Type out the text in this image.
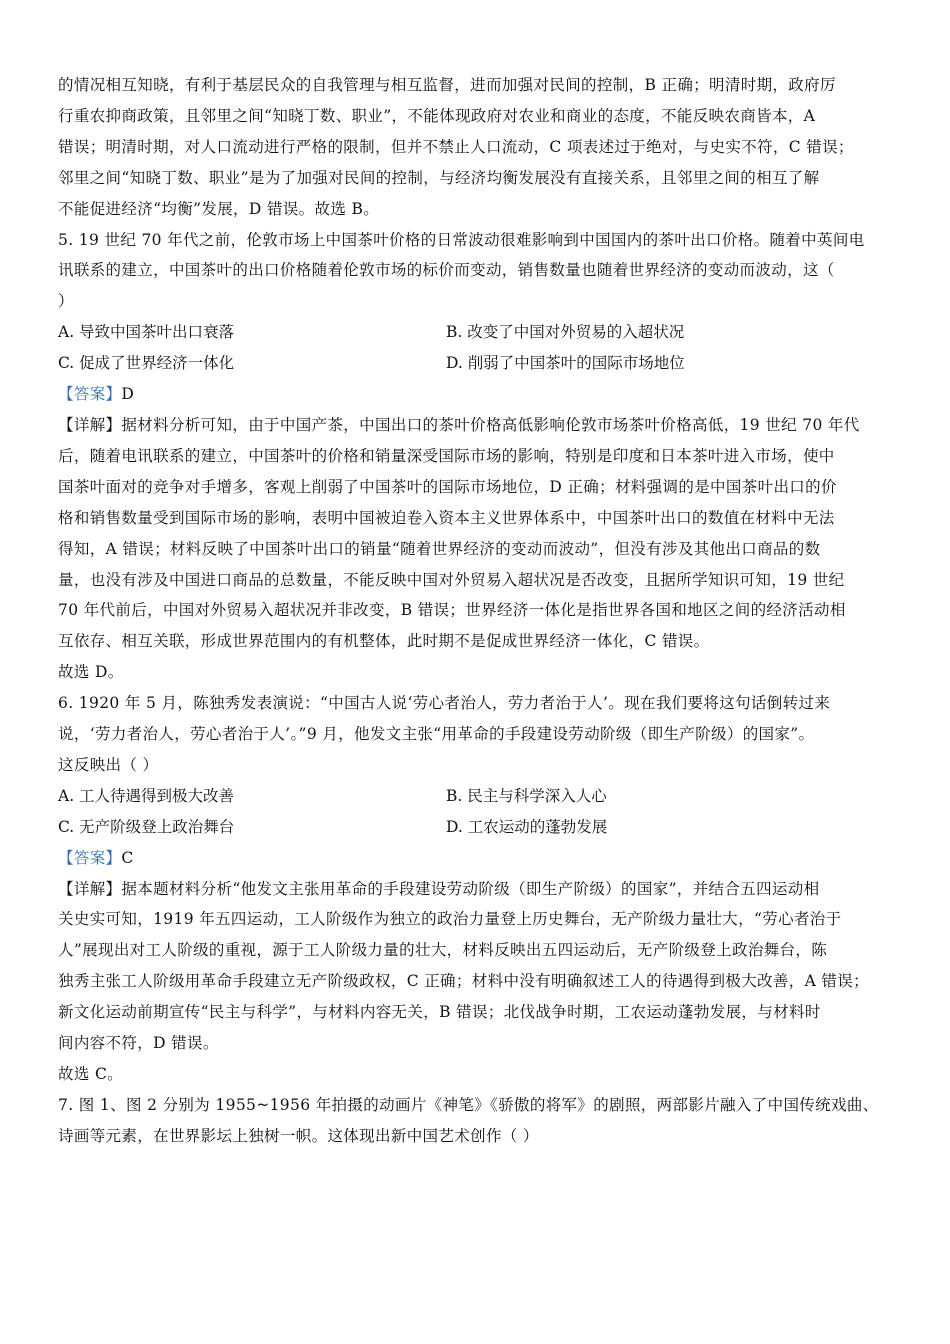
的情况相互知晓，有利于基层民众的自我管理与相互监督，进而加强对民间的控制，B 正确；明清时期，政府厉
行重农抑商政策，且邻里之间“知晓丁数、职业”，不能体现政府对农业和商业的态度，不能反映农商皆本，A
错误；明清时期，对人口流动进行严格的限制，但并不禁止人口流动，C 项表述过于绝对，与史实不符，C 错误；
邻里之间“知晓丁数、职业”是为了加强对民间的控制，与经济均衡发展没有直接关系，且邻里之间的相互了解
不能促进经济“均衡”发展，D 错误。故选 B。
5. 19 世纪 70 年代之前，伦敦市场上中国茶叶价格的日常波动很难影响到中国国内的茶叶出口价格。随着中英间电
讯联系的建立，中国茶叶的出口价格随着伦敦市场的标价而变动，销售数量也随着世界经济的变动而波动，这（
）
A. 导致中国茶叶出口衰落	B. 改变了中国对外贸易的入超状况
C. 促成了世界经济一体化	D. 削弱了中国茶叶的国际市场地位
【答案】D
【详解】据材料分析可知，由于中国产茶，中国出口的茶叶价格高低影响伦敦市场茶叶价格高低，19 世纪 70 年代
后，随着电讯联系的建立，中国茶叶的价格和销量深受国际市场的影响，特别是印度和日本茶叶进入市场，使中
国茶叶面对的竞争对手增多，客观上削弱了中国茶叶的国际市场地位，D 正确；材料强调的是中国茶叶出口的价
格和销售数量受到国际市场的影响，表明中国被迫卷入资本主义世界体系中，中国茶叶出口的数值在材料中无法
得知，A 错误；材料反映了中国茶叶出口的销量“随着世界经济的变动而波动”，但没有涉及其他出口商品的数
量，也没有涉及中国进口商品的总数量，不能反映中国对外贸易入超状况是否改变，且据所学知识可知，19 世纪
70 年代前后，中国对外贸易入超状况并非改变，B 错误；世界经济一体化是指世界各国和地区之间的经济活动相
互依存、相互关联，形成世界范围内的有机整体，此时期不是促成世界经济一体化，C 错误。
故选 D。
6. 1920 年 5 月，陈独秀发表演说：“中国古人说‘劳心者治人，劳力者治于人’。现在我们要将这句话倒转过来
说，‘劳力者治人，劳心者治于人’。”9 月，他发文主张“用革命的手段建设劳动阶级（即生产阶级）的国家”。
这反映出（ ）
A. 工人待遇得到极大改善	B. 民主与科学深入人心
C. 无产阶级登上政治舞台	D. 工农运动的蓬勃发展
【答案】C
【详解】据本题材料分析“他发文主张用革命的手段建设劳动阶级（即生产阶级）的国家”，并结合五四运动相
关史实可知，1919 年五四运动，工人阶级作为独立的政治力量登上历史舞台，无产阶级力量壮大，“劳心者治于
人”展现出对工人阶级的重视，源于工人阶级力量的壮大，材料反映出五四运动后，无产阶级登上政治舞台，陈
独秀主张工人阶级用革命手段建立无产阶级政权，C 正确；材料中没有明确叙述工人的待遇得到极大改善，A 错误；
新文化运动前期宣传“民主与科学”，与材料内容无关，B 错误；北伐战争时期，工农运动蓬勃发展，与材料时
间内容不符，D 错误。
故选 C。
7. 图 1、图 2 分别为 1955~1956 年拍摄的动画片《神笔》《骄傲的将军》的剧照，两部影片融入了中国传统戏曲、
诗画等元素，在世界影坛上独树一帜。这体现出新中国艺术创作（ ）
